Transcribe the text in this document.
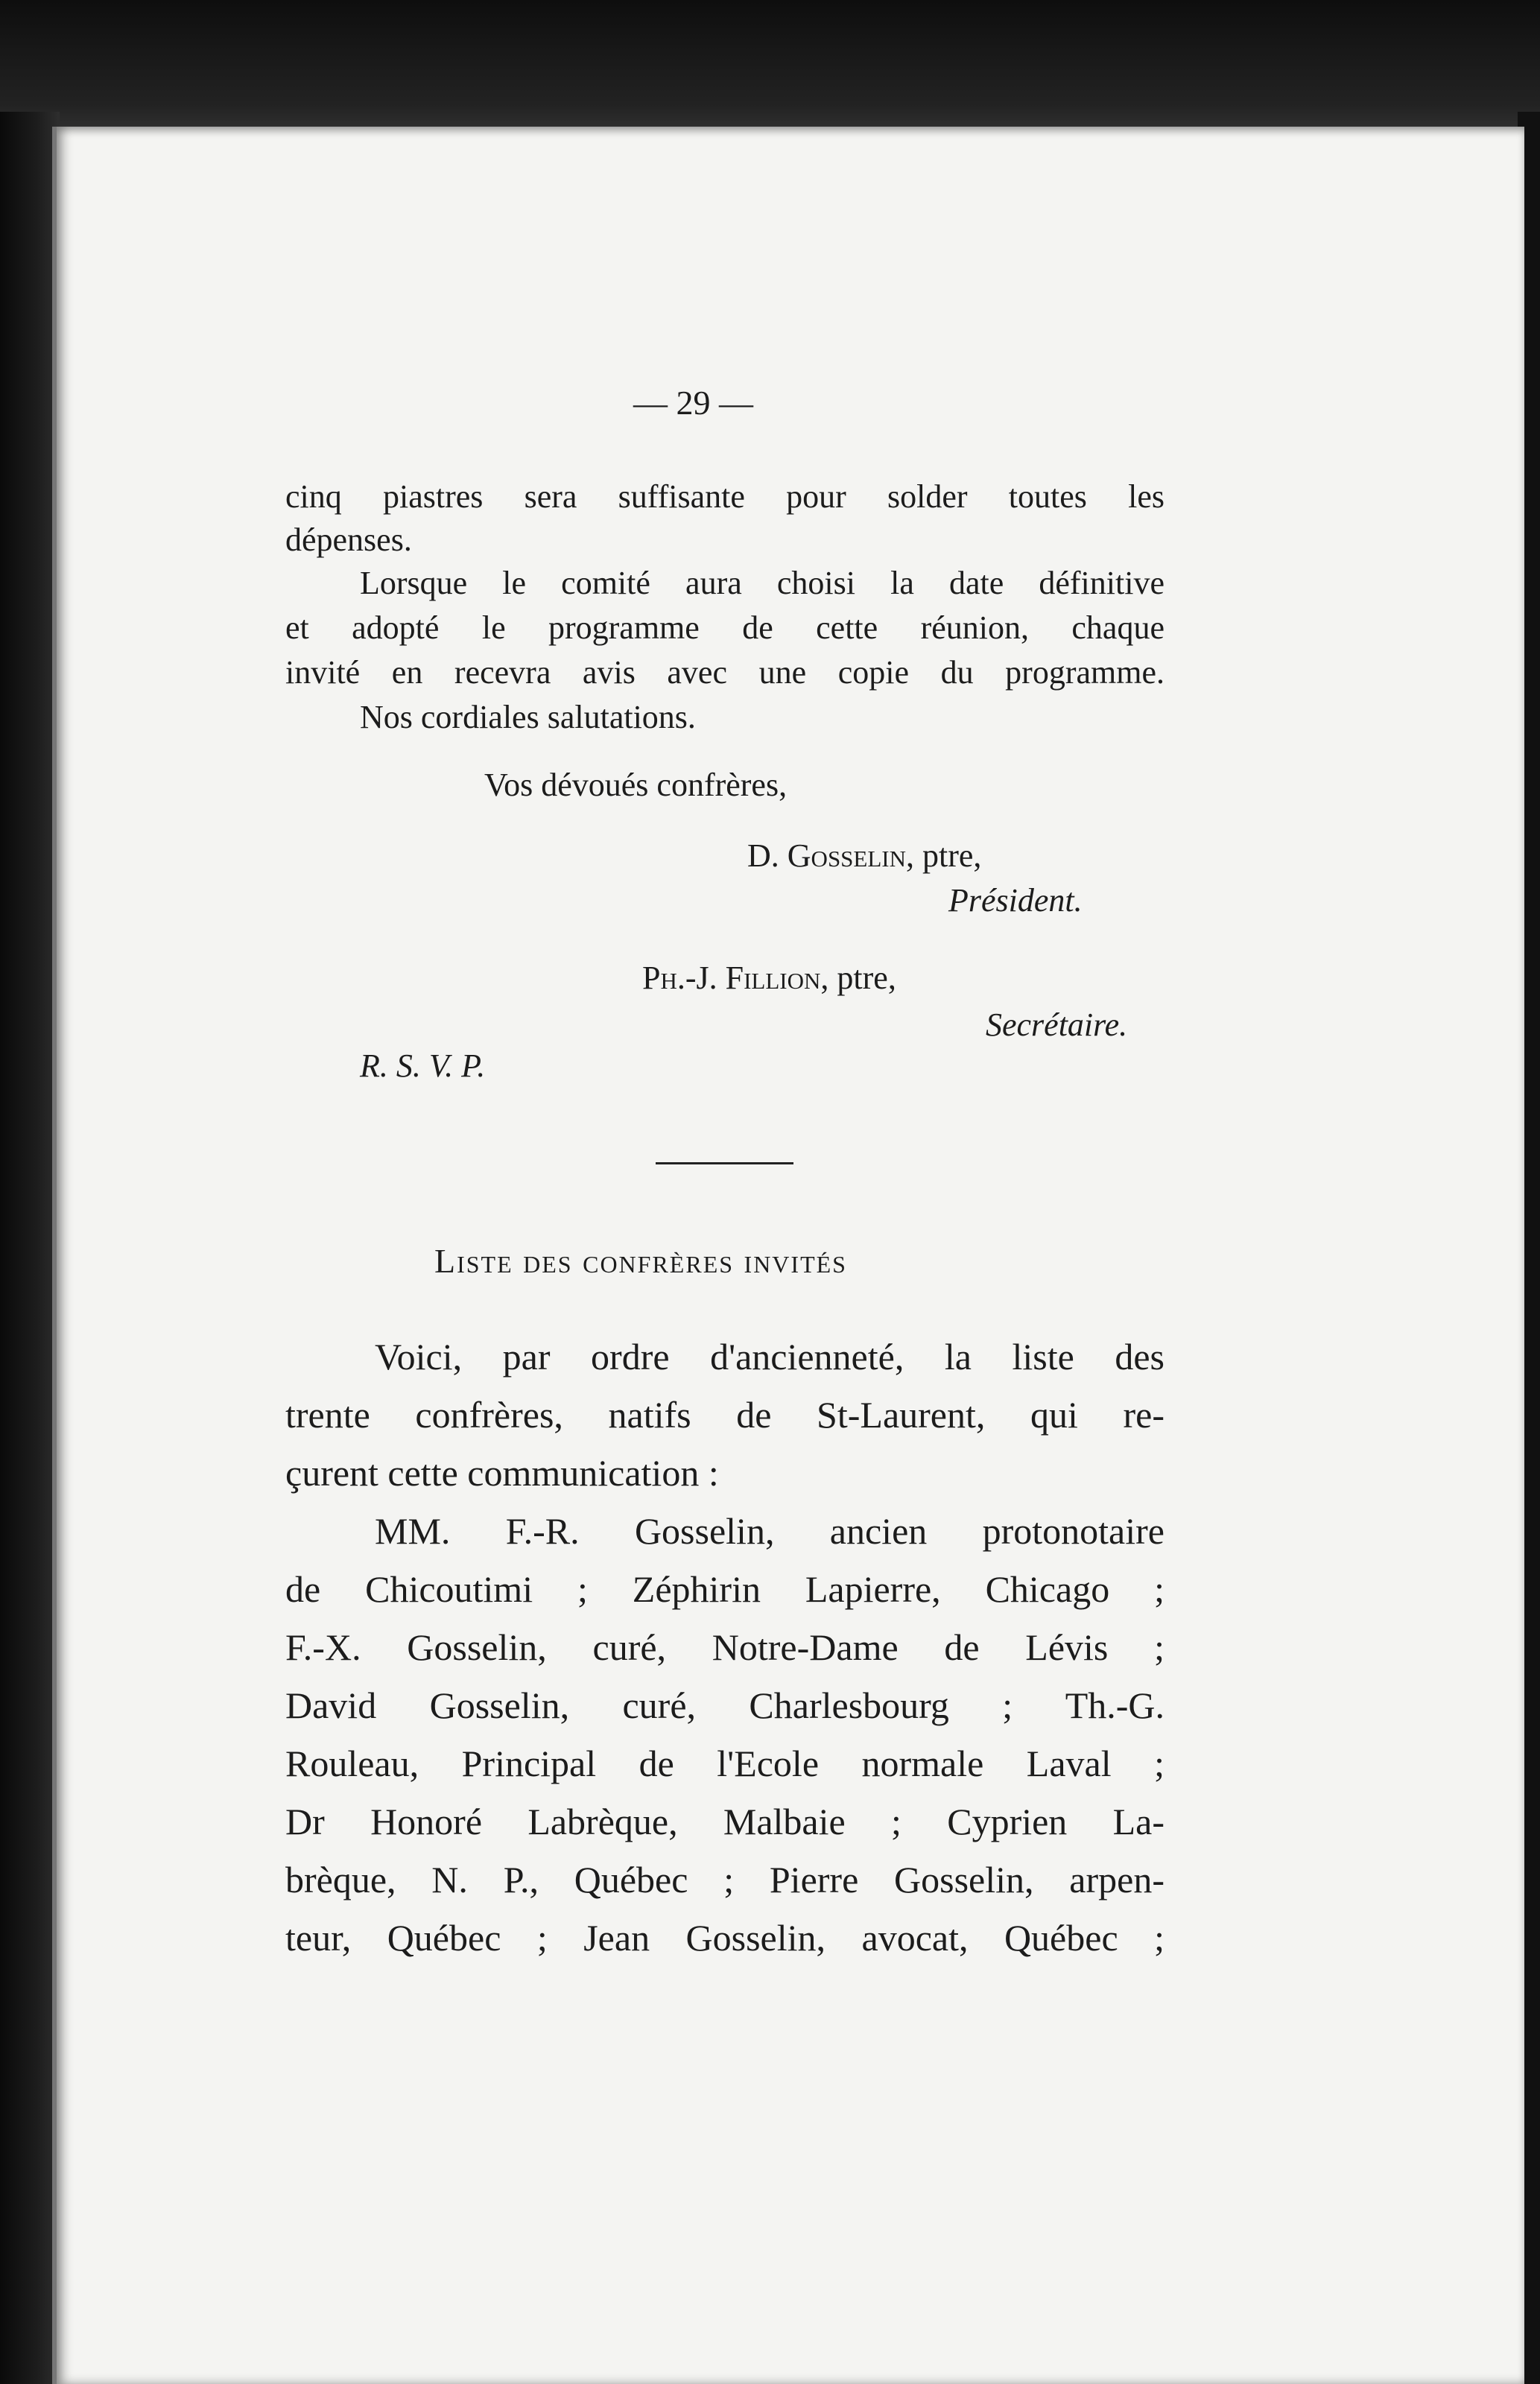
— 29 —
cinq piastres sera suffisante pour solder toutes les
dépenses.
Lorsque le comité aura choisi la date définitive
et adopté le programme de cette réunion, chaque
invité en recevra avis avec une copie du programme.
Nos cordiales salutations.
Vos dévoués confrères,
D. Gosselin, ptre,
Président.
Ph.-J. Fillion, ptre,
Secrétaire.
R. S. V. P.
Liste des confrères invités
Voici, par ordre d'ancienneté, la liste des
trente confrères, natifs de St-Laurent, qui re-
çurent cette communication :
MM. F.-R. Gosselin, ancien protonotaire
de Chicoutimi ; Zéphirin Lapierre, Chicago ;
F.-X. Gosselin, curé, Notre-Dame de Lévis ;
David Gosselin, curé, Charlesbourg ; Th.-G.
Rouleau, Principal de l'Ecole normale Laval ;
Dr Honoré Labrèque, Malbaie ; Cyprien La-
brèque, N. P., Québec ; Pierre Gosselin, arpen-
teur, Québec ; Jean Gosselin, avocat, Québec ;
